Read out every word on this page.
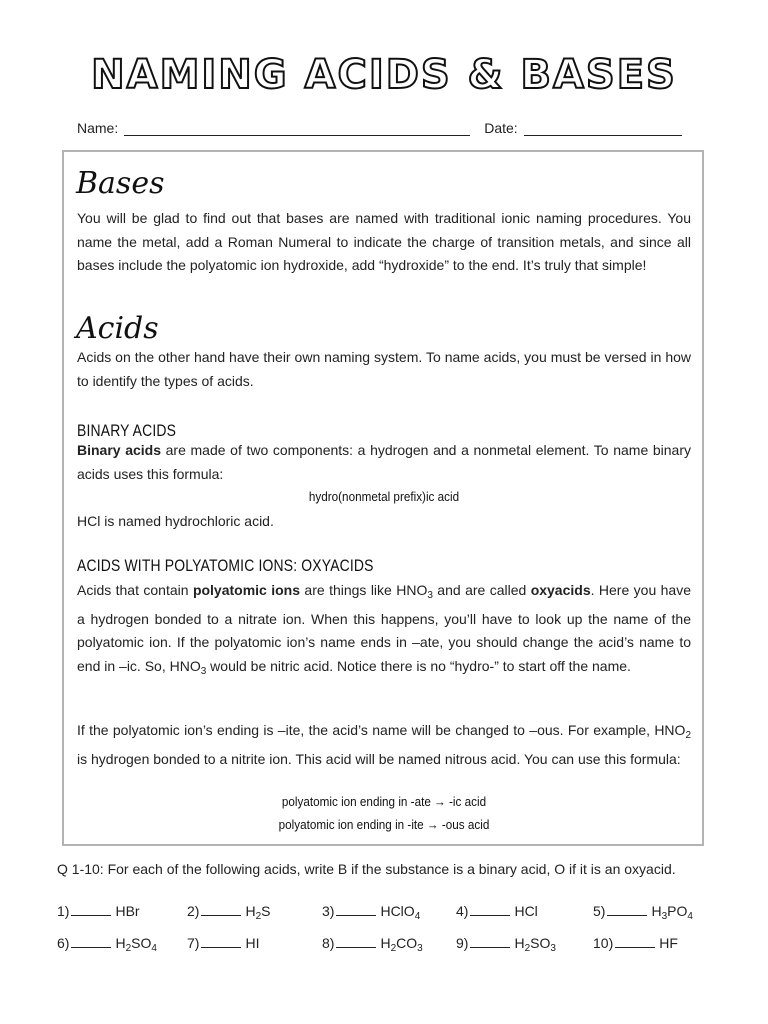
NAMING ACIDS & BASES
Name:	Date:
Bases
You will be glad to find out that bases are named with traditional ionic naming procedures. You name the metal, add a Roman Numeral to indicate the charge of transition metals, and since all bases include the polyatomic ion hydroxide, add “hydroxide” to the end. It’s truly that simple!
Acids
Acids on the other hand have their own naming system. To name acids, you must be versed in how to identify the types of acids.
BINARY ACIDS
Binary acids are made of two components: a hydrogen and a nonmetal element. To name binary acids uses this formula:
hydro(nonmetal prefix)ic acid
HCl is named hydrochloric acid.
ACIDS WITH POLYATOMIC IONS: OXYACIDS
Acids that contain polyatomic ions are things like $HNO_3$ and are called oxyacids. Here you have a hydrogen bonded to a nitrate ion. When this happens, you’ll have to look up the name of the polyatomic ion. If the polyatomic ion’s name ends in –ate, you should change the acid’s name to end in –ic. So, $HNO_3$ would be nitric acid. Notice there is no “hydro-” to start off the name.
If the polyatomic ion’s ending is –ite, the acid’s name will be changed to –ous. For example, $HNO_2$ is hydrogen bonded to a nitrite ion. This acid will be named nitrous acid. You can use this formula:
polyatomic ion ending in -ate → -ic acid
polyatomic ion ending in -ite → -ous acid
Q 1-10: For each of the following acids, write B if the substance is a binary acid, O if it is an oxyacid.
1)	HBr	2)	$H_2S$	3)	HClO$_4$	4)	HCl	5)	$H_3PO_4$
6)	$H_2SO_4$ 7)	HI	8)	$H_2CO_3$ 9)	$H_2SO_3$	10)	HF
